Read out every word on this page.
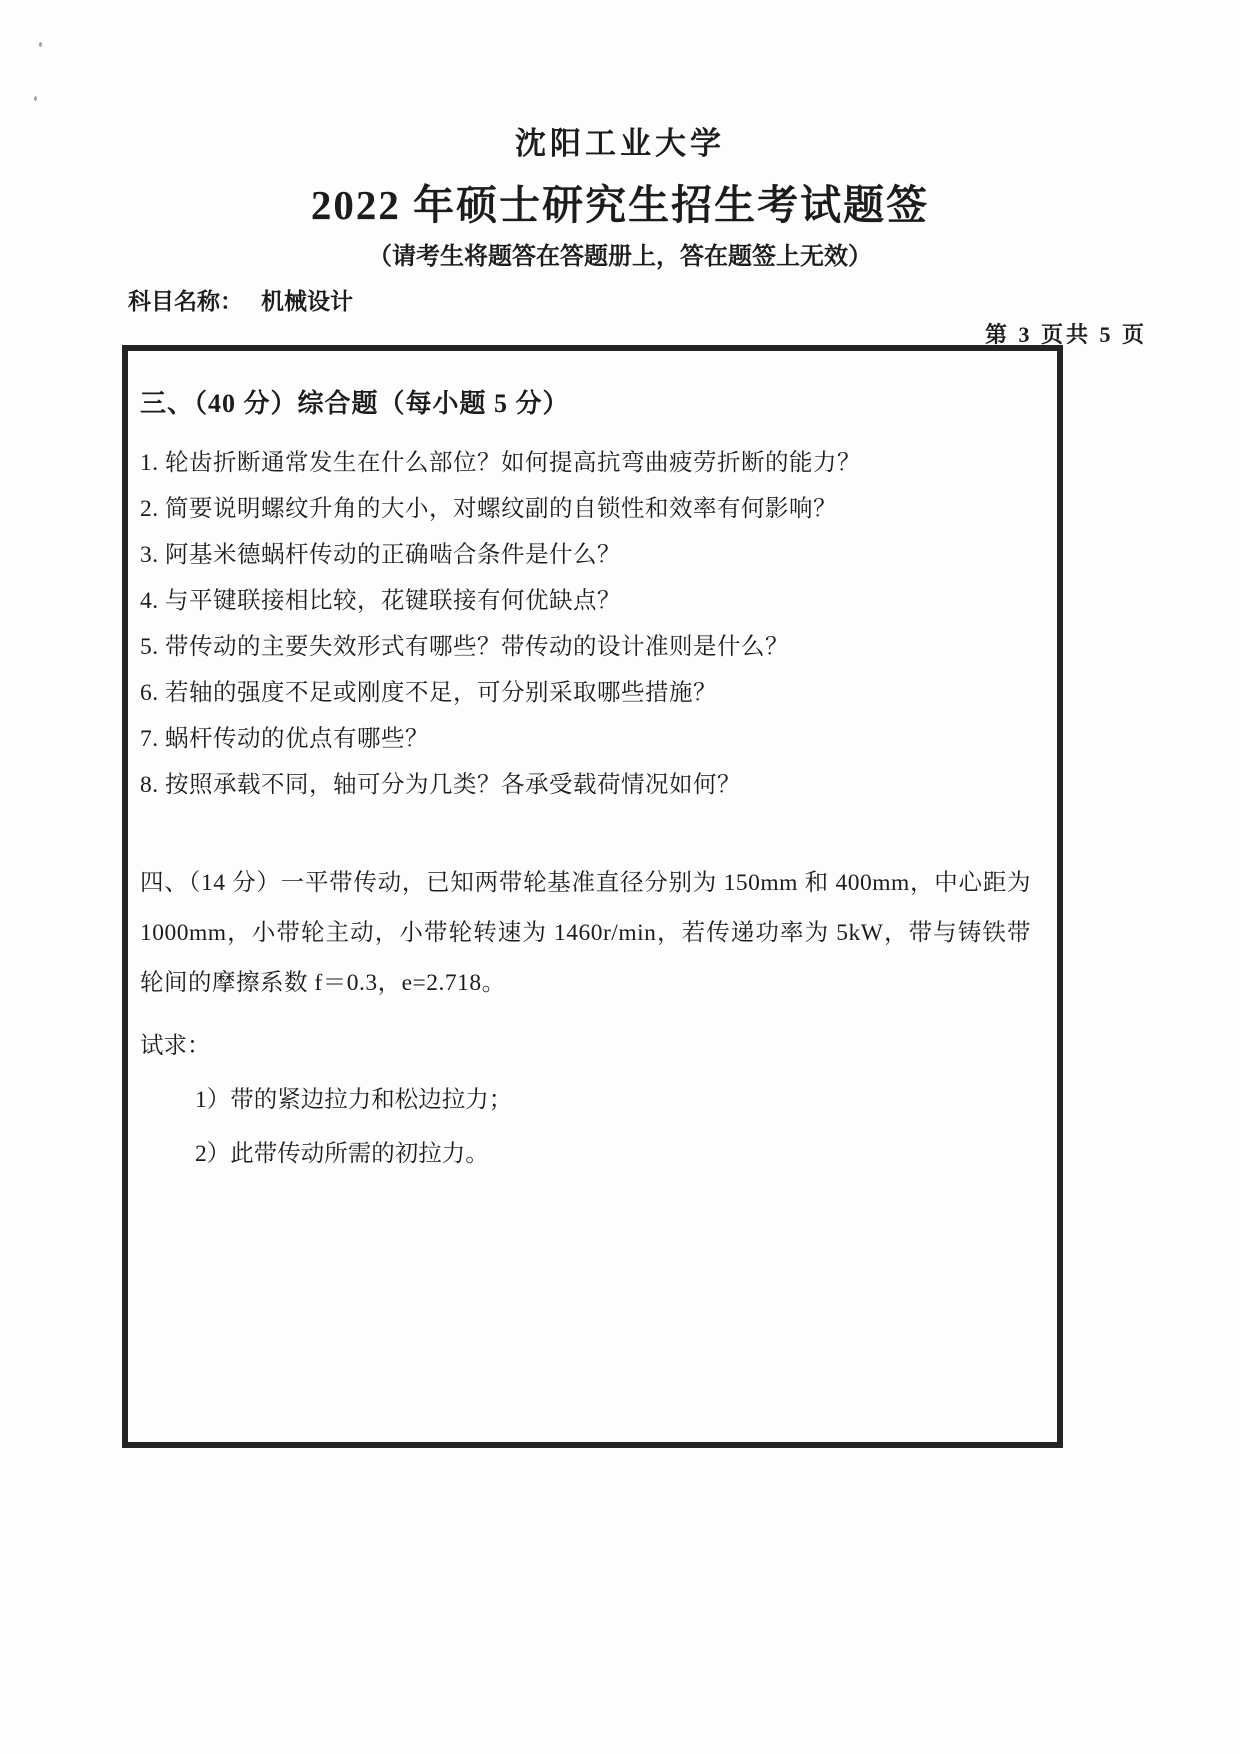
沈阳工业大学
2022 年硕士研究生招生考试题签
（请考生将题答在答题册上，答在题签上无效）
科目名称： 机械设计
第 3 页共 5 页
三、（40 分）综合题（每小题 5 分）
1. 轮齿折断通常发生在什么部位？如何提高抗弯曲疲劳折断的能力？
2. 简要说明螺纹升角的大小，对螺纹副的自锁性和效率有何影响？
3. 阿基米德蜗杆传动的正确啮合条件是什么？
4. 与平键联接相比较，花键联接有何优缺点？
5. 带传动的主要失效形式有哪些？带传动的设计准则是什么？
6. 若轴的强度不足或刚度不足，可分别采取哪些措施？
7. 蜗杆传动的优点有哪些？
8. 按照承载不同，轴可分为几类？各承受载荷情况如何？
四、（14 分）一平带传动，已知两带轮基准直径分别为 150mm 和 400mm，中心距为 1000mm，小带轮主动，小带轮转速为 1460r/min，若传递功率为 5kW，带与铸铁带轮间的摩擦系数 f＝0.3，e=2.718。
试求：
1）带的紧边拉力和松边拉力；
2）此带传动所需的初拉力。
